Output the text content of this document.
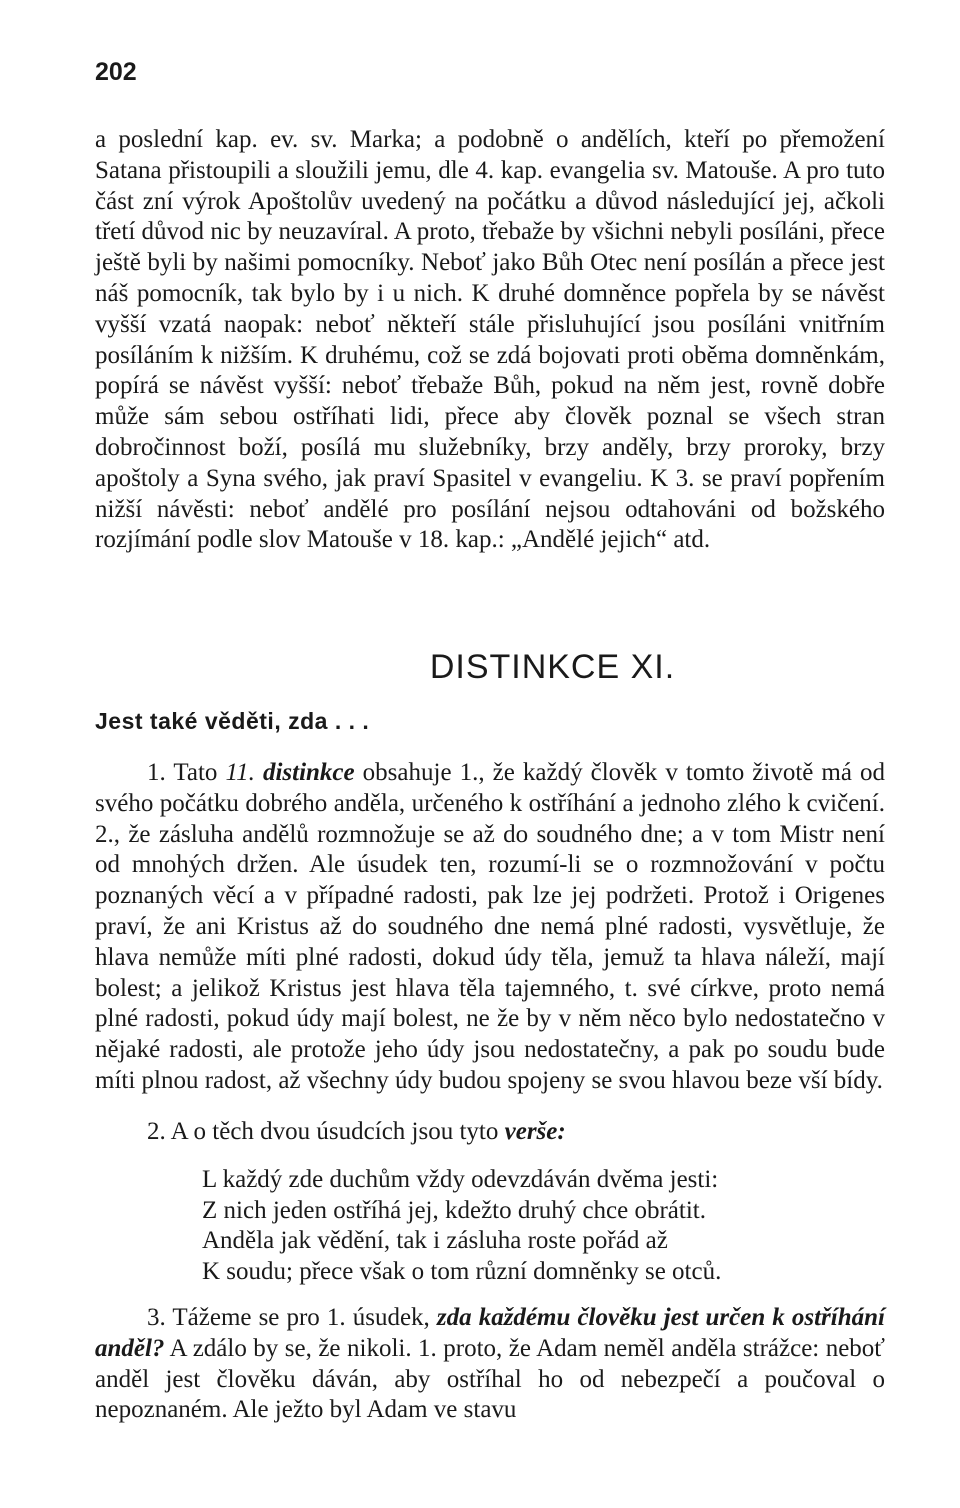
202

a poslední kap. ev. sv. Marka; a podobně o andělích, kteří po přemožení Satana přistoupili a sloužili jemu, dle 4. kap. evangelia sv. Matouše. A pro tuto část zní výrok Apoštolův uvedený na počátku a důvod následující jej, ačkoli třetí důvod nic by neuzavíral. A proto, třebaže by všichni nebyli posíláni, přece ještě byli by našimi pomocníky. Neboť jako Bůh Otec není posílán a přece jest náš pomocník, tak bylo by i u nich. K druhé domněnce popřela by se návěst vyšší vzatá naopak: neboť někteří stále přisluhující jsou posíláni vnitřním posíláním k nižším. K druhému, což se zdá bojovati proti oběma domněnkám, popírá se návěst vyšší: neboť třebaže Bůh, pokud na něm jest, rovně dobře může sám sebou ostříhati lidi, přece aby člověk poznal se všech stran dobročinnost boží, posílá mu služebníky, brzy anděly, brzy proroky, brzy apoštoly a Syna svého, jak praví Spasitel v evangeliu. K 3. se praví popřením nižší návěsti: neboť andělé pro posílání nejsou odtahováni od božského rozjímání podle slov Matouše v 18. kap.: „Andělé jejich“ atd.

DISTINKCE XI.
Jest také věděti, zda . . .

1. Tato 11. distinkce obsahuje 1., že každý člověk v tomto životě má od svého počátku dobrého anděla, určeného k ostříhání a jednoho zlého k cvičení. 2., že zásluha andělů rozmnožuje se až do soudného dne; a v tom Mistr není od mnohých držen. Ale úsudek ten, rozumí-li se o rozmnožování v počtu poznaných věcí a v případné radosti, pak lze jej podržeti. Protož i Origenes praví, že ani Kristus až do soudného dne nemá plné radosti, vysvětluje, že hlava nemůže míti plné radosti, dokud údy těla, jemuž ta hlava náleží, mají bolest; a jelikož Kristus jest hlava těla tajemného, t. své církve, proto nemá plné radosti, pokud údy mají bolest, ne že by v něm něco bylo nedostatečno v nějaké radosti, ale protože jeho údy jsou nedostatečny, a pak po soudu bude míti plnou radost, až všechny údy budou spojeny se svou hlavou beze vší bídy.

2. A o těch dvou úsudcích jsou tyto verše:

L každý zde duchům vždy odevzdáván dvěma jesti:
Z nich jeden ostříhá jej, kdežto druhý chce obrátit.
Anděla jak vědění, tak i zásluha roste pořád až
K soudu; přece však o tom různí domněnky se otců.

3. Tážeme se pro 1. úsudek, zda každému člověku jest určen k ostříhání anděl? A zdálo by se, že nikoli. 1. proto, že Adam neměl anděla strážce: neboť anděl jest člověku dáván, aby ostříhal ho od nebezpečí a poučoval o nepoznaném. Ale ježto byl Adam ve stavu
